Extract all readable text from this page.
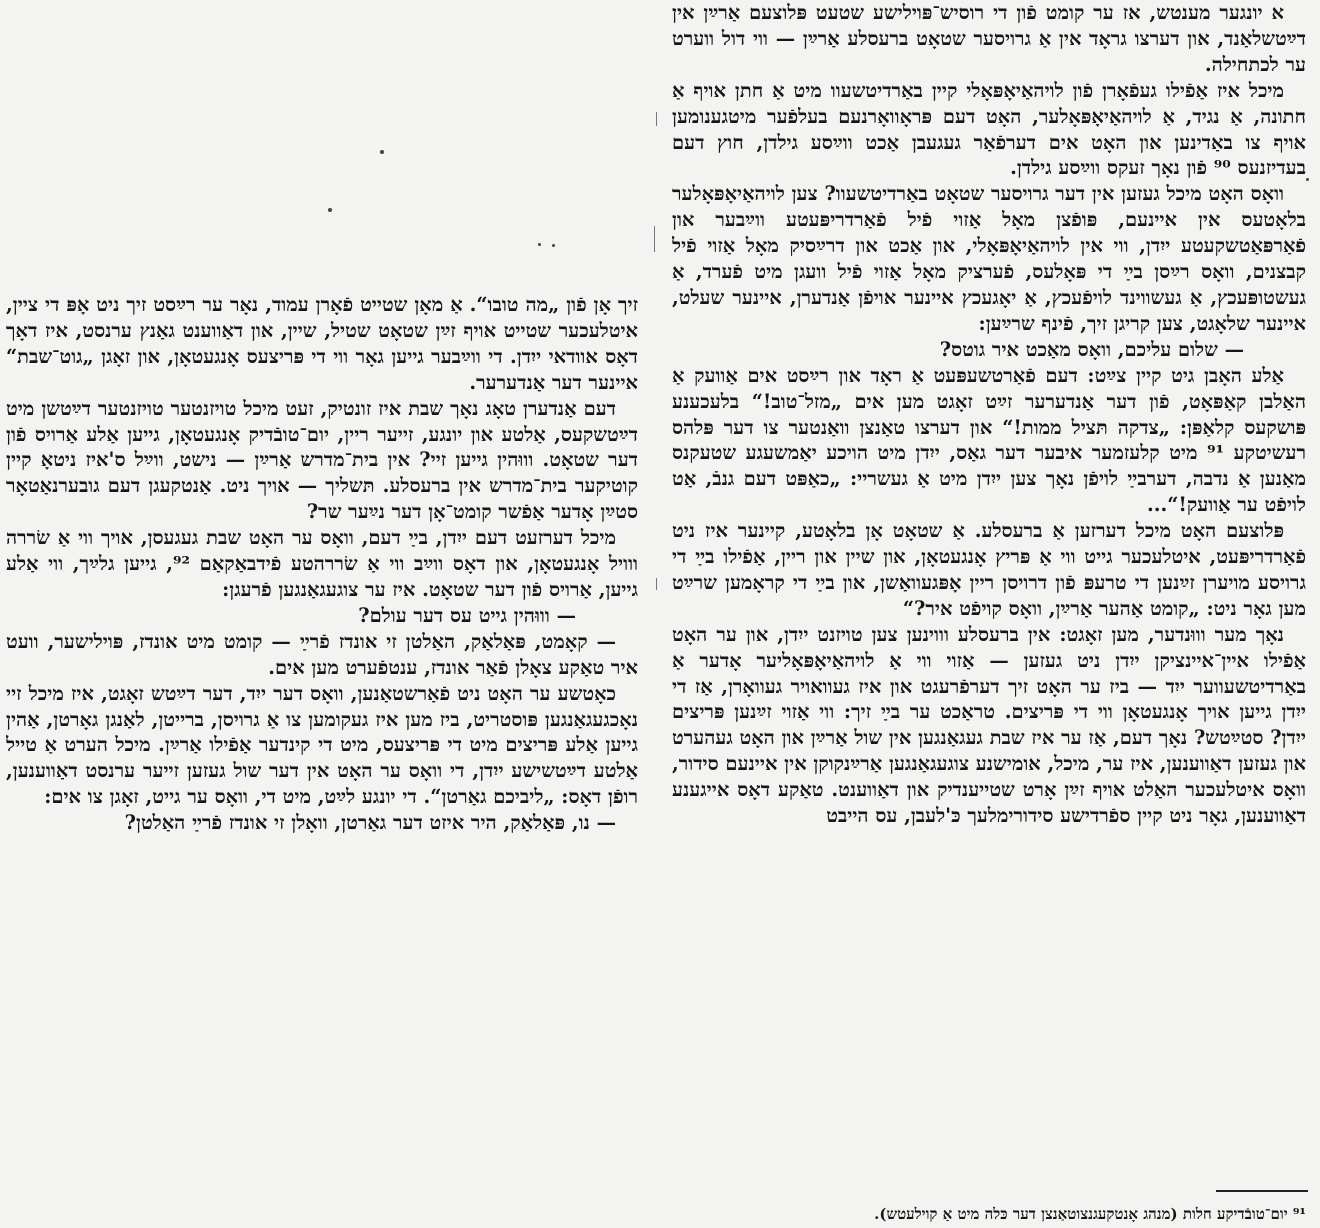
א יונגער מענטש, אז ער קומט פֿון די רוסיש־פּוילישע שטעט פּלוצעם אַרײַן אין דײַטשלאַנד, און דערצו גראָד אין אַ גרויסער שטאָט ברעסלע אַרײַן — ווי דול ווערט ער לכתחילה.

מיכל איז אַפֿילו געפֿאָרן פֿון לויהאַיאָפּאָלי קיין באַרדיטשעוו מיט אַ חתן אויף אַ חתונה, אַ נגיד, אַ לויהאַיאָפּאָלער, האָט דעם פּראָוואָרנעם בעלפֿער מיטגענומען אויף צו באַדינען און האָט אים דערפֿאַר געגעבן אַכט ווײַסע גילדן, חוץ דעם בעדיזנעס ⁹⁰ פֿון נאָך זעקס ווײַסע גילדן.

וואָס האָט מיכל געזען אין דער גרויסער שטאָט באַרדיטשעוו? צען לויהאַיאָפּאָלער בלאָטעס אין איינעם, פּופֿצן מאָל אַזוי פֿיל פֿאַרדריפּעטע ווײַבער און פֿאַרפּאַטשקעטע ייִדן, ווי אין לויהאַיאָפּאָלי, און אַכט און דרײַסיק מאָל אַזוי פֿיל קבצנים, וואָס רײַסן בײַ די פּאָלעס, פֿערציק מאָל אַזוי פֿיל וועגן מיט פֿערד, אַ געשטופּעכץ, אַ געשווינד לויפֿעכץ, אַ יאָגעכץ איינער אויפֿן אַנדערן, איינער שעלט, איינער שלאָגט, צען קריגן זיך, פֿינף שרײַען:

— שלום עליכם, וואָס מאַכט איר גוטס?

אַלע האָבן גיט קיין צײַט: דעם פֿאַרטשעפּעט אַ ראָד און רײַסט אים אַוועק אַ האַלבן קאַפּאָט, פֿון דער אַנדערער זײַט זאָגט מען אים „מזל־טוב!“ בלעכענע פּושקעס קלאַפּן: „צדקה תּציל ממות!“ און דערצו טאַנצן וואַנטער צו דער פּלהס רעשיטקע ⁹¹ מיט קלעזמער איבער דער גאַס, ייִדן מיט הויכע יאַמשעגע שטעקנס מאַנען אַ נדבה, דערבײַ לויפֿן נאָך צען ייִדן מיט אַ געשריי: „כאַפּט דעם גנבֿ, אַט לויפֿט ער אַוועק!“...

פּלוצעם האָט מיכל דערזען אַ ברעסלע. אַ שטאָט אָן בלאָטע, קיינער איז ניט פֿאַרדריפּעט, איטלעכער גייט ווי אַ פּריץ אָנגעטאָן, און שיין און ריין, אַפֿילו בײַ די גרויסע מויערן זײַנען די טרעפּ פֿון דרויסן ריין אָפּגעוואַשן, און בײַ די קראָמען שרײַט מען גאָר ניט: „קומט אַהער אַרײַן, וואָס קויפֿט איר?“

נאָך מער וווּנדער, מען זאָגט: אין ברעסלע וווינען צען טויזנט ייִדן, און ער האָט אַפֿילו איין־איינציקן ייִדן ניט געזען — אַזוי ווי אַ לויהאַיאָפּאָליער אָדער אַ באַרדיטשעווער ייִד — ביז ער האָט זיך דערפֿרעגט און איז געוואויר געוואָרן, אַז די ייִדן גייען אויך אָנגעטאָן ווי די פּריצים. טראַכט ער בײַ זיך: ווי אַזוי זײַנען פּריצים ייִדן? סטײַטש? נאָך דעם, אַז ער איז שבת געגאַנגען אין שול אַרײַן און האָט געהערט און געזען דאַווענען, איז ער, מיכל, אומישנע צוגעגאַנגען אַרײַנקוקן אין איינעם סידור, וואָס איטלעכער האַלט אויף זײַן אָרט שטייענדיק און דאַווענט. טאַקע דאָס אייגענע דאַווענען, גאָר ניט קיין ספֿרדישע סידורימלעך כּ'לעבן, עס הייבט

זיך אָן פֿון „מה טובו“. אַ מאָן שטייט פֿאָרן עמוד, נאָר ער רײַסט זיך ניט אָפּ די ציין, איטלעכער שטייט אויף זײַן שטאָט שטיל, שיין, און דאַווענט גאַנץ ערנסט, איז דאָך דאָס אוודאי ייִדן. די ווײַבער גייען גאָר ווי די פּריצעס אָנגעטאָן, און זאָגן „גוט־שבת“ איינער דער אַנדערער.

דעם אַנדערן טאָג נאָך שבת איז זונטיק, זעט מיכל טויזנטער טויזנטער דײַטשן מיט דײַטשקעס, אַלטע און יונגע, זייער ריין, יום־טובֿדיק אָנגעטאָן, גייען אַלע אַרויס פֿון דער שטאָט. וווּהין גייען זיי? אין בית־מדרש אַרײַן — נישט, ווײַל ס'איז ניטאָ קיין קוטיקער בית־מדרש אין ברעסלע. תּשליך — אויך ניט. אַנטקעגן דעם גובערנאַטאָר סטײַן אָדער אַפֿשר קומט־אָן דער נײַער שר?

מיכל דערזעט דעם ייִדן, בײַ דעם, וואָס ער האָט שבת געגעסן, אויך ווי אַ שׂררה ווויל אָנגעטאָן, און דאָס ווײַב ווי אַ שׂררהטע פֿידבאַקאַם ⁹², גייען גלײַך, ווי אַלע גייען, אַרויס פֿון דער שטאָט. איז ער צוגעגאַנגען פֿרעגן:

— וווּהין גייט עס דער עולם?

— קאָמט, פּאַלאַק, האַלטן זי אונדז פֿרײַ — קומט מיט אונדז, פּוילישער, וועט איר טאַקע צאָלן פֿאַר אונדז, ענטפֿערט מען אים.

כאָטשע ער האָט ניט פֿאַרשטאַנען, וואָס דער ייִד, דער דײַטש זאָגט, איז מיכל זיי נאָכגעגאַנגען פּוסטריט, ביז מען איז געקומען צו אַ גרויסן, ברייטן, לאַנגן גאָרטן, אַהין גייען אַלע פּריצים מיט די פּריצעס, מיט די קינדער אַפֿילו אַרײַן. מיכל הערט אַ טייל אַלטע דײַטשישע ייִדן, די וואָס ער האָט אין דער שול געזען זייער ערנסט דאַווענען, רופֿן דאָס: „ליביכם גאַרטן“. די יונגע לײַט, מיט די, וואָס ער גייט, זאָגן צו אים:

— נו, פּאַלאַק, היר איזט דער גאַרטן, וואָלן זי אונדז פֿרײַ האַלטן?

⁹¹ יום־טובֿדיקע חלות (מנהג אָנטקעגנצוטאַנצן דער כּלה מיט אַ קוילעטש).
